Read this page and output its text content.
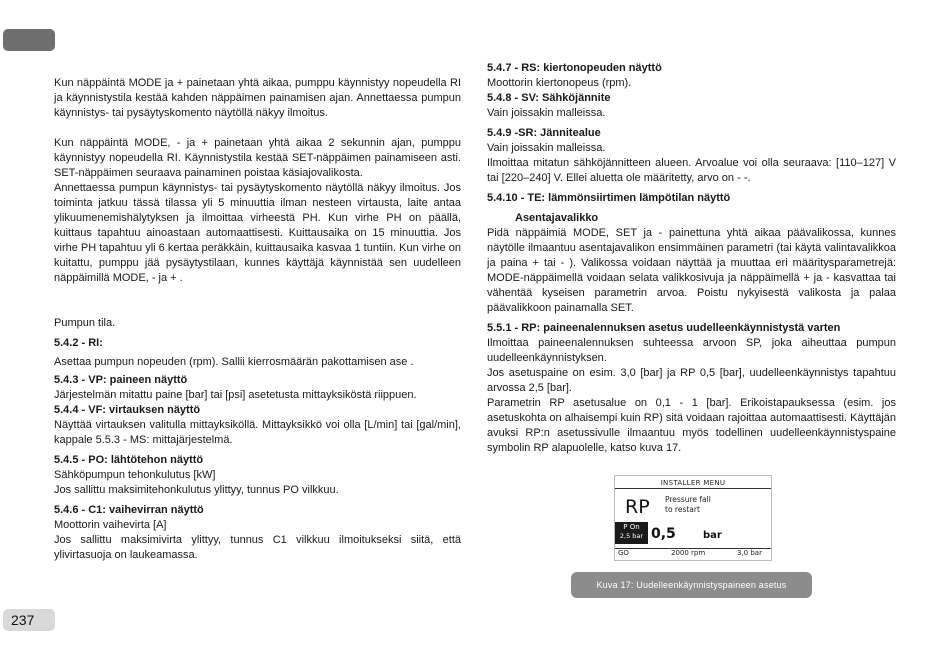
Kun näppäintä MODE ja + painetaan yhtä aikaa, pumppu käynnistyy nopeudella RI ja käynnistystila kestää kahden näppäimen painamisen ajan. Annettaessa pumpun käynnistys- tai pysäytyskomento näytöllä näkyy ilmoitus.

Kun näppäintä MODE, - ja + painetaan yhtä aikaa 2 sekunnin ajan, pumppu käynnistyy nopeudella RI. Käynnistystila kestää SET-näppäimen painamiseen asti. SET-näppäimen seuraava painaminen poistaa käsiajovalikosta.

Annettaessa pumpun käynnistys- tai pysäytyskomento näytöllä näkyy ilmoitus. Jos toiminta jatkuu tässä tilassa yli 5 minuuttia ilman nesteen virtausta, laite antaa ylikuumenemishälytyksen ja ilmoittaa virheestä PH. Kun virhe PH on päällä, kuittaus tapahtuu ainoastaan automaattisesti. Kuittausaika on 15 minuuttia. Jos virhe PH tapahtuu yli 6 kertaa peräkkäin, kuittausaika kasvaa 1 tuntiin. Kun virhe on kuitattu, pumppu jää pysäytystilaan, kunnes käyttäjä käynnistää sen uudelleen näppäimillä MODE, - ja + .

Pumpun tila.

5.4.2 - RI:

Asettaa pumpun nopeuden (rpm). Sallii kierrosmäärän pakottamisen ase .

5.4.3 - VP: paineen näyttö

Järjestelmän mitattu paine [bar] tai [psi] asetetusta mittayksiköstä riippuen.

5.4.4 - VF: virtauksen näyttö

Näyttää virtauksen valitulla mittayksiköllä. Mittayksikkö voi olla [L/min] tai [gal/min], kappale 5.5.3 - MS: mittajärjestelmä.

5.4.5 - PO: lähtötehon näyttö

Sähköpumpun tehonkulutus [kW]

Jos sallittu maksimitehonkulutus ylittyy, tunnus PO vilkkuu.

5.4.6 - C1: vaihevirran näyttö

Moottorin vaihevirta [A]

Jos sallittu maksimivirta ylittyy, tunnus C1 vilkkuu ilmoitukseksi siitä, että ylivirtasuoja on laukeamassa.

5.4.7 - RS: kiertonopeuden näyttö

Moottorin kiertonopeus (rpm).

5.4.8 - SV: Sähköjännite

Vain joissakin malleissa.

5.4.9 -SR: Jännitealue

Vain joissakin malleissa.

Ilmoittaa mitatun sähköjännitteen alueen. Arvoalue voi olla seuraava: [110–127] V tai [220–240] V. Ellei aluetta ole määritetty, arvo on - -.

5.4.10 - TE: lämmönsiirtimen lämpötilan näyttö

Asentajavalikko

Pidä näppäimiä MODE, SET ja - painettuna yhtä aikaa päävalikossa, kunnes näytölle ilmaantuu asentajavalikon ensimmäinen parametri (tai käytä valintavalikkoa ja paina + tai - ). Valikossa voidaan näyttää ja muuttaa eri määritysparametrejä: MODE-näppäimellä voidaan selata valikkosivuja ja näppäimellä + ja - kasvattaa tai vähentää kyseisen parametrin arvoa. Poistu nykyisestä valikosta ja palaa päävalikkoon painamalla SET.

5.5.1 - RP: paineenalennuksen asetus uudelleenkäynnistystä varten

Ilmoittaa paineenalennuksen suhteessa arvoon SP, joka aiheuttaa pumpun uudelleenkäynnistyksen.

Jos asetuspaine on esim. 3,0 [bar] ja RP 0,5 [bar], uudelleenkäynnistys tapahtuu arvossa 2,5 [bar].

Parametrin RP asetusalue on 0,1 - 1 [bar]. Erikoistapauksessa (esim. jos asetuskohta on alhaisempi kuin RP) sitä voidaan rajoittaa automaattisesti. Käyttäjän avuksi RP:n asetussivulle ilmaantuu myös todellinen uudelleenkäynnistyspaine symbolin RP alapuolelle, katso kuva 17.

INSTALLER MENU
RP Pressure fall
to restart
P On
2,5 bar 0,5	bar
GO	2000 rpm	3,0 bar
Kuva 17: Uudelleenkäynnistyspaineen asetus
237
